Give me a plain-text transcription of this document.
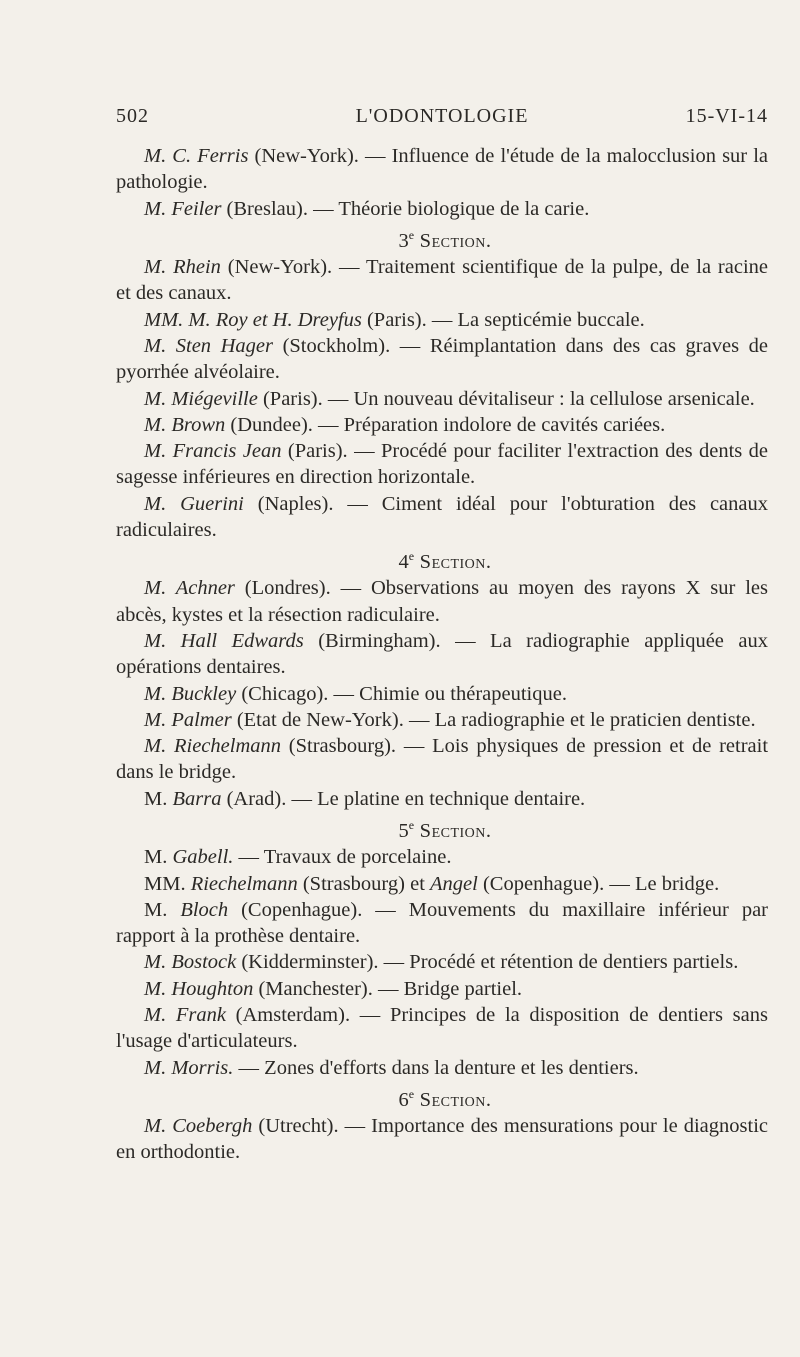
502	L'ODONTOLOGIE	15-VI-14

M. C. Ferris (New-York). — Influence de l'étude de la malocclusion sur la pathologie.

M. Feiler (Breslau). — Théorie biologique de la carie.

3e Section.

M. Rhein (New-York). — Traitement scientifique de la pulpe, de la racine et des canaux.

MM. M. Roy et H. Dreyfus (Paris). — La septicémie buccale.

M. Sten Hager (Stockholm). — Réimplantation dans des cas graves de pyorrhée alvéolaire.

M. Miégeville (Paris). — Un nouveau dévitaliseur : la cellulose arsenicale.

M. Brown (Dundee). — Préparation indolore de cavités cariées.

M. Francis Jean (Paris). — Procédé pour faciliter l'extraction des dents de sagesse inférieures en direction horizontale.

M. Guerini (Naples). — Ciment idéal pour l'obturation des canaux radiculaires.

4e Section.

M. Achner (Londres). — Observations au moyen des rayons X sur les abcès, kystes et la résection radiculaire.

M. Hall Edwards (Birmingham). — La radiographie appliquée aux opérations dentaires.

M. Buckley (Chicago). — Chimie ou thérapeutique.

M. Palmer (Etat de New-York). — La radiographie et le praticien dentiste.

M. Riechelmann (Strasbourg). — Lois physiques de pression et de retrait dans le bridge.

M. Barra (Arad). — Le platine en technique dentaire.

5e Section.

M. Gabell. — Travaux de porcelaine.

MM. Riechelmann (Strasbourg) et Angel (Copenhague). — Le bridge.

M. Bloch (Copenhague). — Mouvements du maxillaire inférieur par rapport à la prothèse dentaire.

M. Bostock (Kidderminster). — Procédé et rétention de dentiers partiels.

M. Houghton (Manchester). — Bridge partiel.

M. Frank (Amsterdam). — Principes de la disposition de dentiers sans l'usage d'articulateurs.

M. Morris. — Zones d'efforts dans la denture et les dentiers.

6e Section.

M. Coebergh (Utrecht). — Importance des mensurations pour le diagnostic en orthodontie.
